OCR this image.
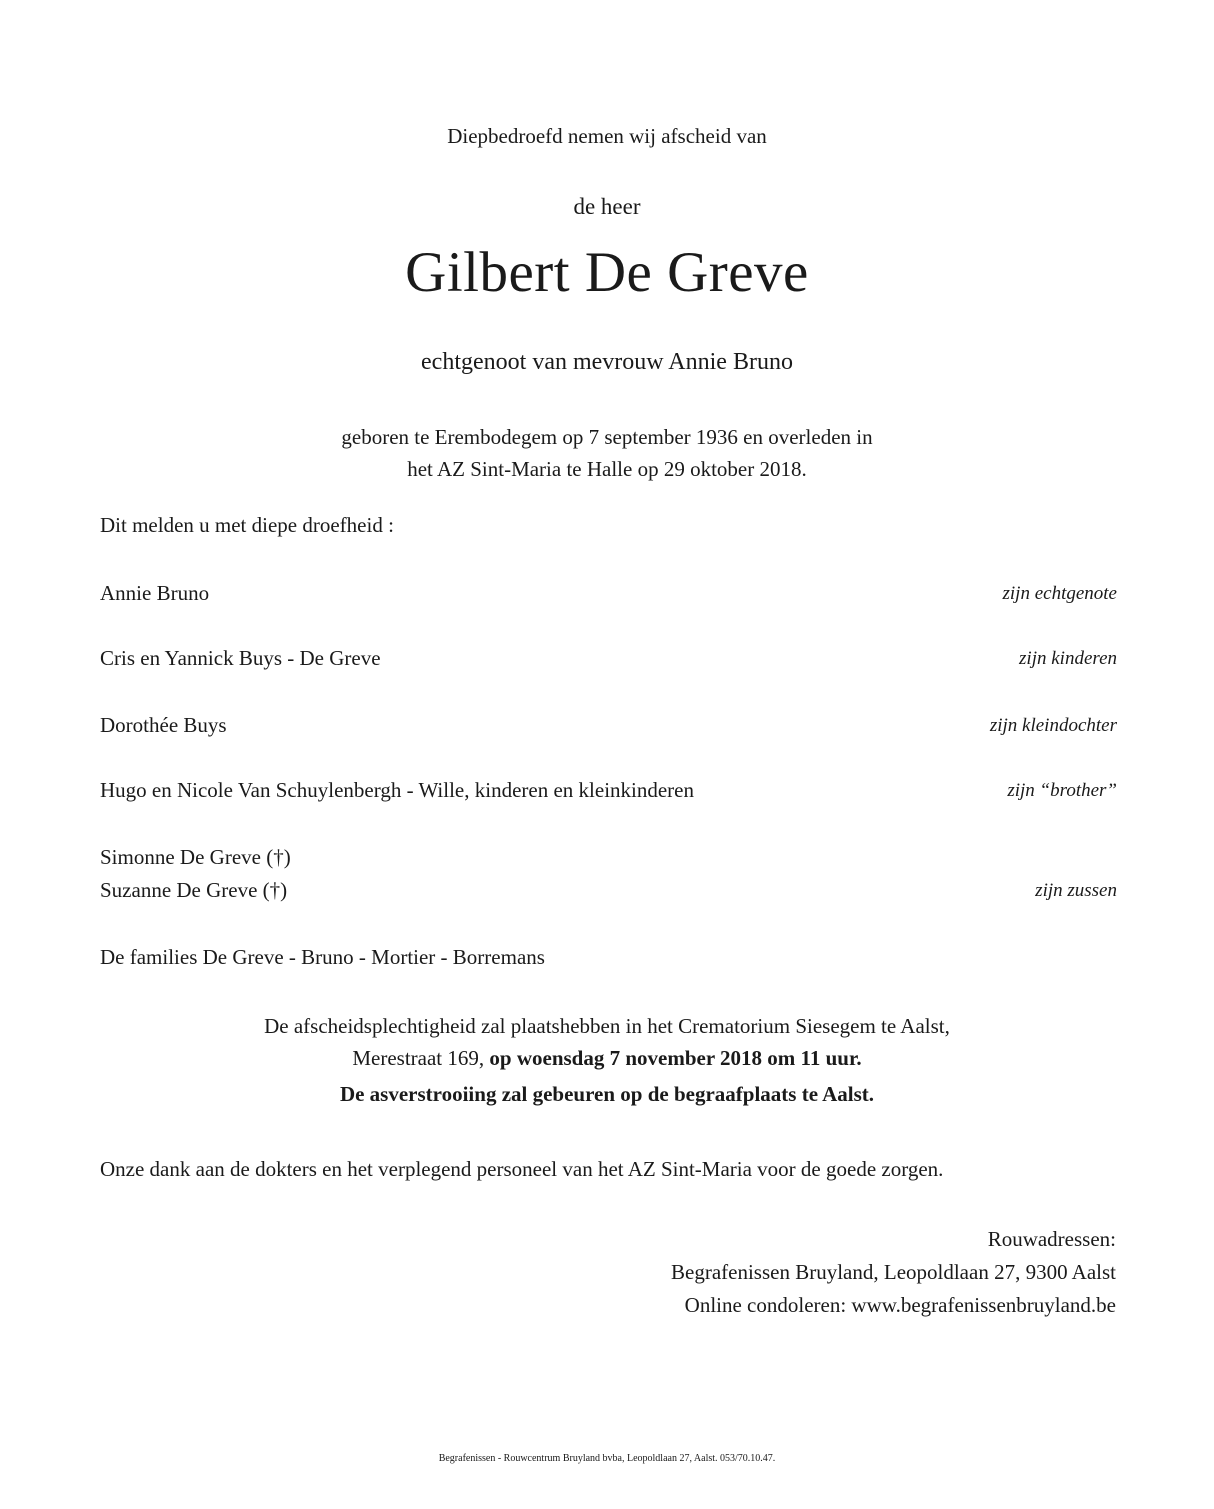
Diepbedroefd nemen wij afscheid van
de heer
Gilbert De Greve
echtgenoot van mevrouw Annie Bruno
geboren te Erembodegem op 7 september 1936 en overleden in
het AZ Sint-Maria te Halle op 29 oktober 2018.
Dit melden u met diepe droefheid :
Annie Bruno	zijn echtgenote
Cris en Yannick Buys - De Greve	zijn kinderen
Dorothée Buys	zijn kleindochter
Hugo en Nicole Van Schuylenbergh - Wille, kinderen en kleinkinderen	zijn “brother”
Simonne De Greve (†)
Suzanne De Greve (†)	zijn zussen
De families De Greve - Bruno - Mortier - Borremans
De afscheidsplechtigheid zal plaatshebben in het Crematorium Siesegem te Aalst,
Merestraat 169, op woensdag 7 november 2018 om 11 uur.
De asverstrooiing zal gebeuren op de begraafplaats te Aalst.
Onze dank aan de dokters en het verplegend personeel van het AZ Sint-Maria voor de goede zorgen.
Rouwadressen:
Begrafenissen Bruyland, Leopoldlaan 27, 9300 Aalst
Online condoleren: www.begrafenissenbruyland.be
Begrafenissen - Rouwcentrum Bruyland bvba, Leopoldlaan 27, Aalst. 053/70.10.47.
